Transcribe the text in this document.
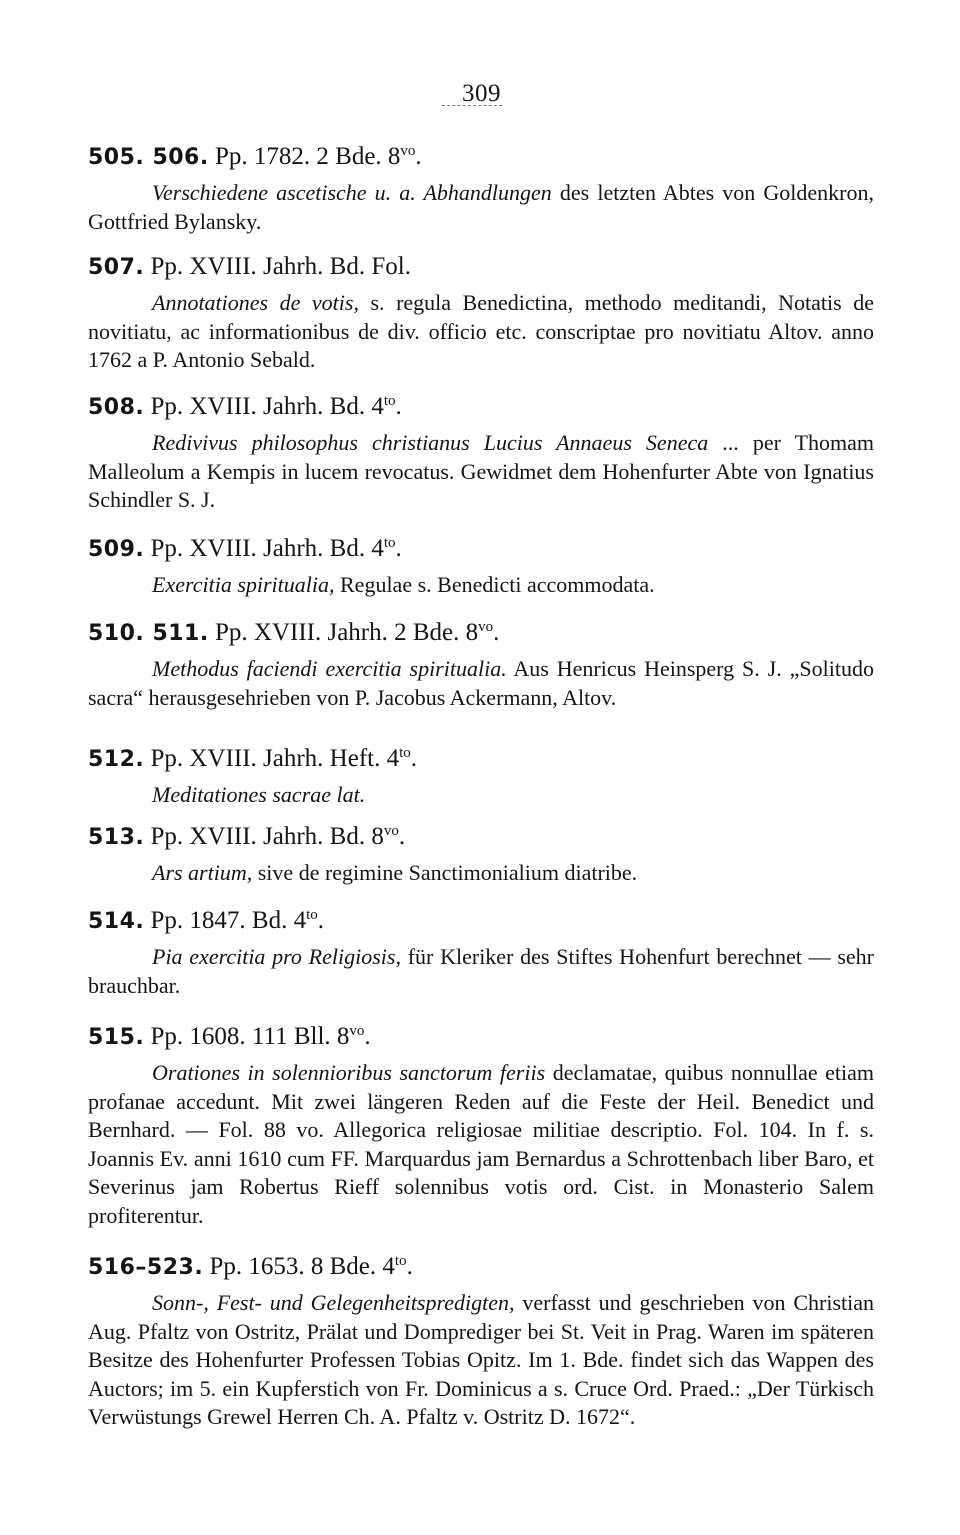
309
505. 506. Pp. 1782. 2 Bde. $8^{vo}$.
Verschiedene ascetische u. a. Abhandlungen des letzten Abtes von Goldenkron, Gottfried Bylansky.
507. Pp. XVIII. Jahrh. Bd. Fol.
Annotationes de votis, s. regula Benedictina, methodo meditandi, Notatis de novitiatu, ac informationibus de div. officio etc. conscriptae pro novitiatu Altov. anno 1762 a P. Antonio Sebald.
508. Pp. XVIII. Jahrh. Bd. $4^{to}$.
Redivivus philosophus christianus Lucius Annaeus Seneca ... per Thomam Malleolum a Kempis in lucem revocatus. Gewidmet dem Hohenfurter Abte von Ignatius Schindler S. J.
509. Pp. XVIII. Jahrh. Bd. $4^{to}$.
Exercitia spiritualia, Regulae s. Benedicti accommodata.
510. 511. Pp. XVIII. Jahrh. 2 Bde. $8^{vo}$.
Methodus faciendi exercitia spiritualia. Aus Henricus Heinsperg S. J. „Solitudo sacra“ herausgesehrieben von P. Jacobus Ackermann, Altov.
512. Pp. XVIII. Jahrh. Heft. $4^{to}$.
Meditationes sacrae lat.
513. Pp. XVIII. Jahrh. Bd. $8^{vo}$.
Ars artium, sive de regimine Sanctimonialium diatribe.
514. Pp. 1847. Bd. $4^{to}$.
Pia exercitia pro Religiosis, für Kleriker des Stiftes Hohenfurt berechnet — sehr brauchbar.
515. Pp. 1608. 111 Bll. $8^{vo}$.
Orationes in solennioribus sanctorum feriis declamatae, quibus nonnullae etiam profanae accedunt. Mit zwei längeren Reden auf die Feste der Heil. Benedict und Bernhard. — Fol. 88 vo. Allegorica religiosae militiae descriptio. Fol. 104. In f. s. Joannis Ev. anni 1610 cum FF. Marquardus jam Bernardus a Schrottenbach liber Baro, et Severinus jam Robertus Rieff solennibus votis ord. Cist. in Monasterio Salem profiterentur.
516–523. Pp. 1653. 8 Bde. $4^{to}$.
Sonn-, Fest- und Gelegenheitspredigten, verfasst und geschrieben von Christian Aug. Pfaltz von Ostritz, Prälat und Domprediger bei St. Veit in Prag. Waren im späteren Besitze des Hohenfurter Professen Tobias Opitz. Im 1. Bde. findet sich das Wappen des Auctors; im 5. ein Kupferstich von Fr. Dominicus a s. Cruce Ord. Praed.: „Der Türkisch Verwüstungs Grewel Herren Ch. A. Pfaltz v. Ostritz D. 1672“.
